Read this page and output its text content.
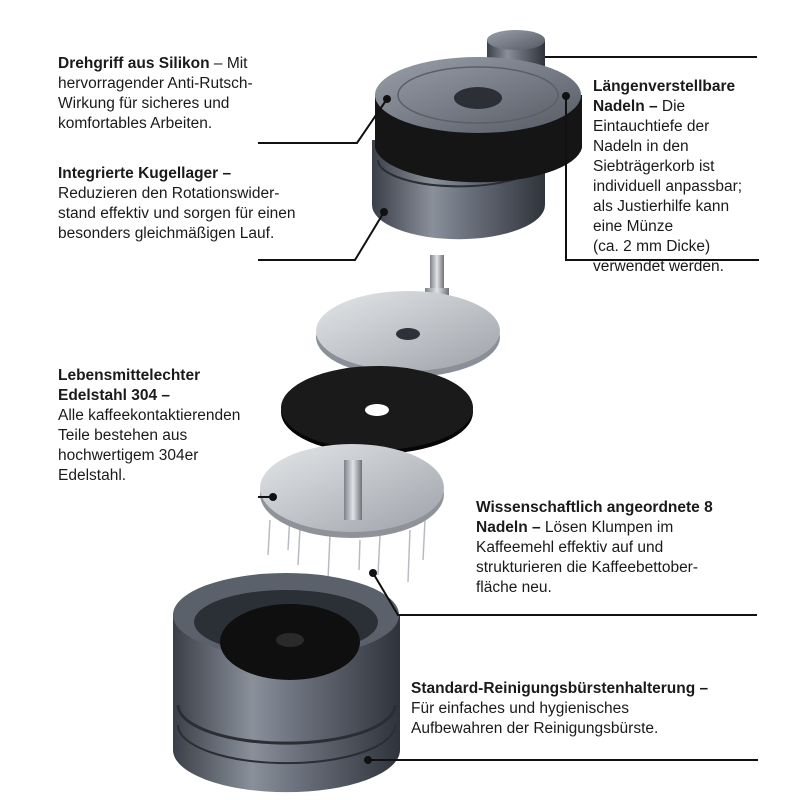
Drehgriff aus Silikon – Mit
hervorragender Anti-Rutsch-
Wirkung für sicheres und
komfortables Arbeiten.
Längenverstellbare
Nadeln – Die
Eintauchtiefe der
Nadeln in den
Siebträgerkorb ist
individuell anpassbar;
als Justierhilfe kann
eine Münze
(ca. 2 mm Dicke)
verwendet werden.
Integrierte Kugellager –
Reduzieren den Rotationswider-
stand effektiv und sorgen für einen
besonders gleichmäßigen Lauf.
Lebensmittelechter
Edelstahl 304 –
Alle kaffeekontaktierenden
Teile bestehen aus
hochwertigem 304er
Edelstahl.
Wissenschaftlich angeordnete 8
Nadeln – Lösen Klumpen im
Kaffeemehl effektiv auf und
strukturieren die Kaffeebettober-
fläche neu.
Standard-Reinigungsbürstenhalterung –
Für einfaches und hygienisches
Aufbewahren der Reinigungsbürste.
